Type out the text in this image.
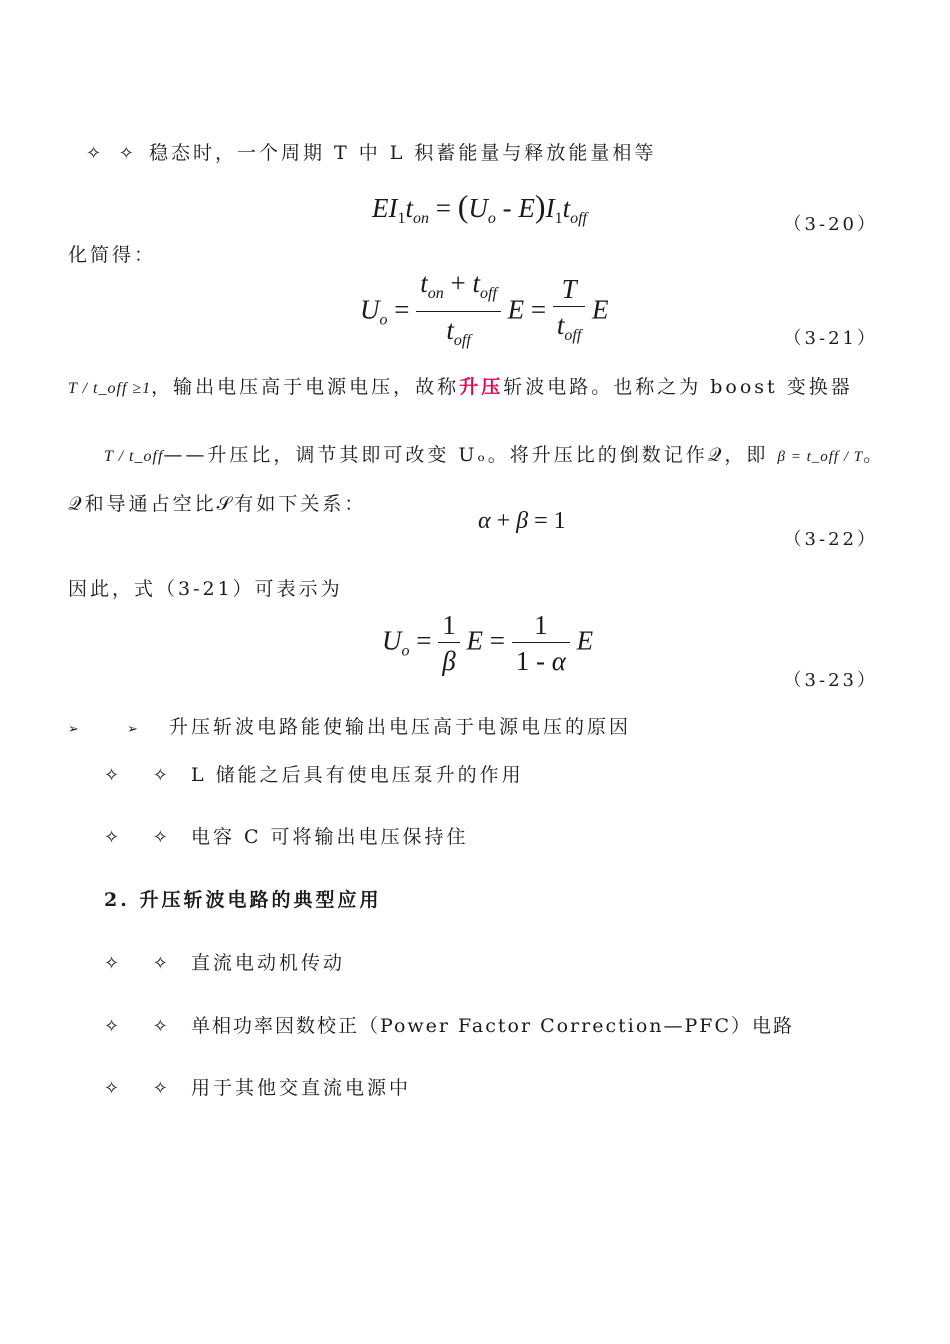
✧ ✧ 稳态时，一个周期 T 中 L 积蓄能量与释放能量相等
$EI_1t_{on} = (U_o - E)I_1t_{off}$	（3-20）
化简得：
$U_o = \frac{t_{on} + t_{off}}{t_{off}}$ $E = \frac{T}{t_{off}}$ E
（3-21）
T / t_off ≥1，输出电压高于电源电压，故称升压斩波电路。也称之为 boost 变换器
T / t_off——升压比，调节其即可改变 Uₒ。将升压比的倒数记作𝒬，即 β = t_off / T。
𝒬和导通占空比𝒮有如下关系：
α + β = 1
（3-22）
因此，式（3-21）可表示为
$U_o = \frac{1}{\beta}$ $E = \frac{1}{1 - \alpha}$ E
（3-23）
➢ ➢ 升压斩波电路能使输出电压高于电源电压的原因
✧ ✧ L 储能之后具有使电压泵升的作用
✧ ✧ 电容 C 可将输出电压保持住
2. 升压斩波电路的典型应用
✧ ✧ 直流电动机传动
✧ ✧ 单相功率因数校正（Power Factor Correction—PFC）电路
✧ ✧ 用于其他交直流电源中
